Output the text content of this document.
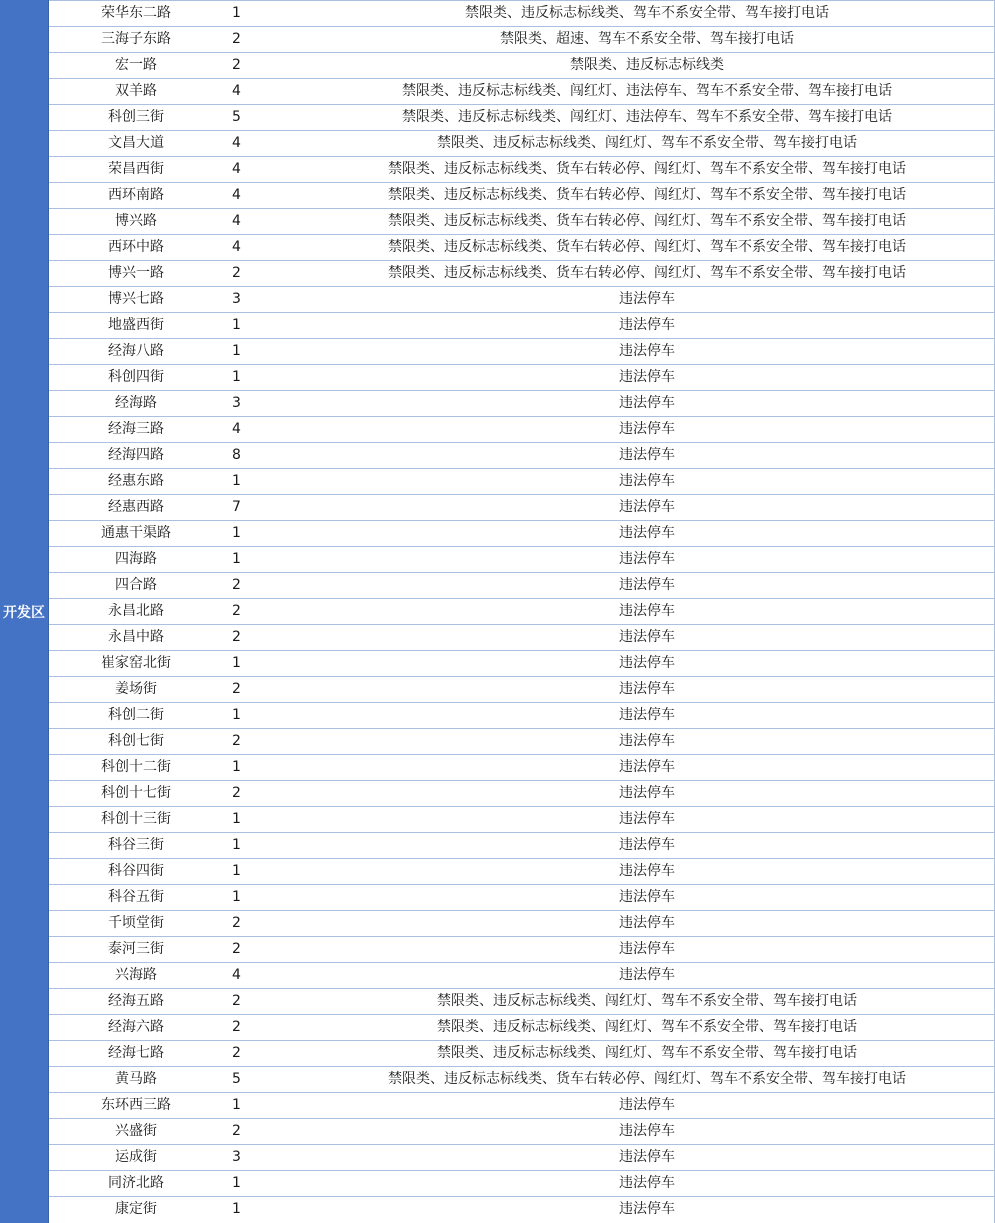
开发区
荣华东二路	1	禁限类、违反标志标线类、驾车不系安全带、驾车接打电话
三海子东路	2	禁限类、超速、驾车不系安全带、驾车接打电话
宏一路	2	禁限类、违反标志标线类
双羊路	4	禁限类、违反标志标线类、闯红灯、违法停车、驾车不系安全带、驾车接打电话
科创三街	5	禁限类、违反标志标线类、闯红灯、违法停车、驾车不系安全带、驾车接打电话
文昌大道	4	禁限类、违反标志标线类、闯红灯、驾车不系安全带、驾车接打电话
荣昌西街	4	禁限类、违反标志标线类、货车右转必停、闯红灯、驾车不系安全带、驾车接打电话
西环南路	4	禁限类、违反标志标线类、货车右转必停、闯红灯、驾车不系安全带、驾车接打电话
博兴路	4	禁限类、违反标志标线类、货车右转必停、闯红灯、驾车不系安全带、驾车接打电话
西环中路	4	禁限类、违反标志标线类、货车右转必停、闯红灯、驾车不系安全带、驾车接打电话
博兴一路	2	禁限类、违反标志标线类、货车右转必停、闯红灯、驾车不系安全带、驾车接打电话
博兴七路	3	违法停车
地盛西街	1	违法停车
经海八路	1	违法停车
科创四街	1	违法停车
经海路	3	违法停车
经海三路	4	违法停车
经海四路	8	违法停车
经惠东路	1	违法停车
经惠西路	7	违法停车
通惠干渠路	1	违法停车
四海路	1	违法停车
四合路	2	违法停车
永昌北路	2	违法停车
永昌中路	2	违法停车
崔家窑北街	1	违法停车
姜场街	2	违法停车
科创二街	1	违法停车
科创七街	2	违法停车
科创十二街	1	违法停车
科创十七街	2	违法停车
科创十三街	1	违法停车
科谷三街	1	违法停车
科谷四街	1	违法停车
科谷五街	1	违法停车
千顷堂街	2	违法停车
泰河三街	2	违法停车
兴海路	4	违法停车
经海五路	2	禁限类、违反标志标线类、闯红灯、驾车不系安全带、驾车接打电话
经海六路	2	禁限类、违反标志标线类、闯红灯、驾车不系安全带、驾车接打电话
经海七路	2	禁限类、违反标志标线类、闯红灯、驾车不系安全带、驾车接打电话
黄马路	5	禁限类、违反标志标线类、货车右转必停、闯红灯、驾车不系安全带、驾车接打电话
东环西三路	1	违法停车
兴盛街	2	违法停车
运成街	3	违法停车
同济北路	1	违法停车
康定街	1	违法停车
